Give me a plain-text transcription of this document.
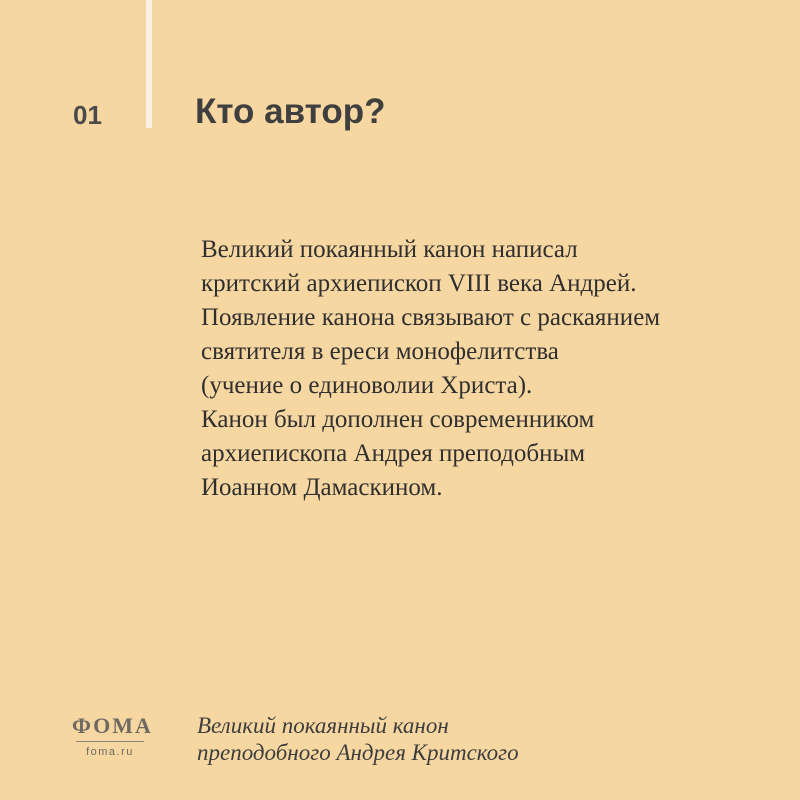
01	Кто автор?
Великий покаянный канон написал
критский архиепископ VIII века Андрей.
Появление канона связывают с раскаянием
святителя в ереси монофелитства
(учение о единоволии Христа).
Канон был дополнен современником
архиепископа Андрея преподобным
Иоанном Дамаскином.
ФОМА
foma.ru
Великий покаянный канон
преподобного Андрея Критского
